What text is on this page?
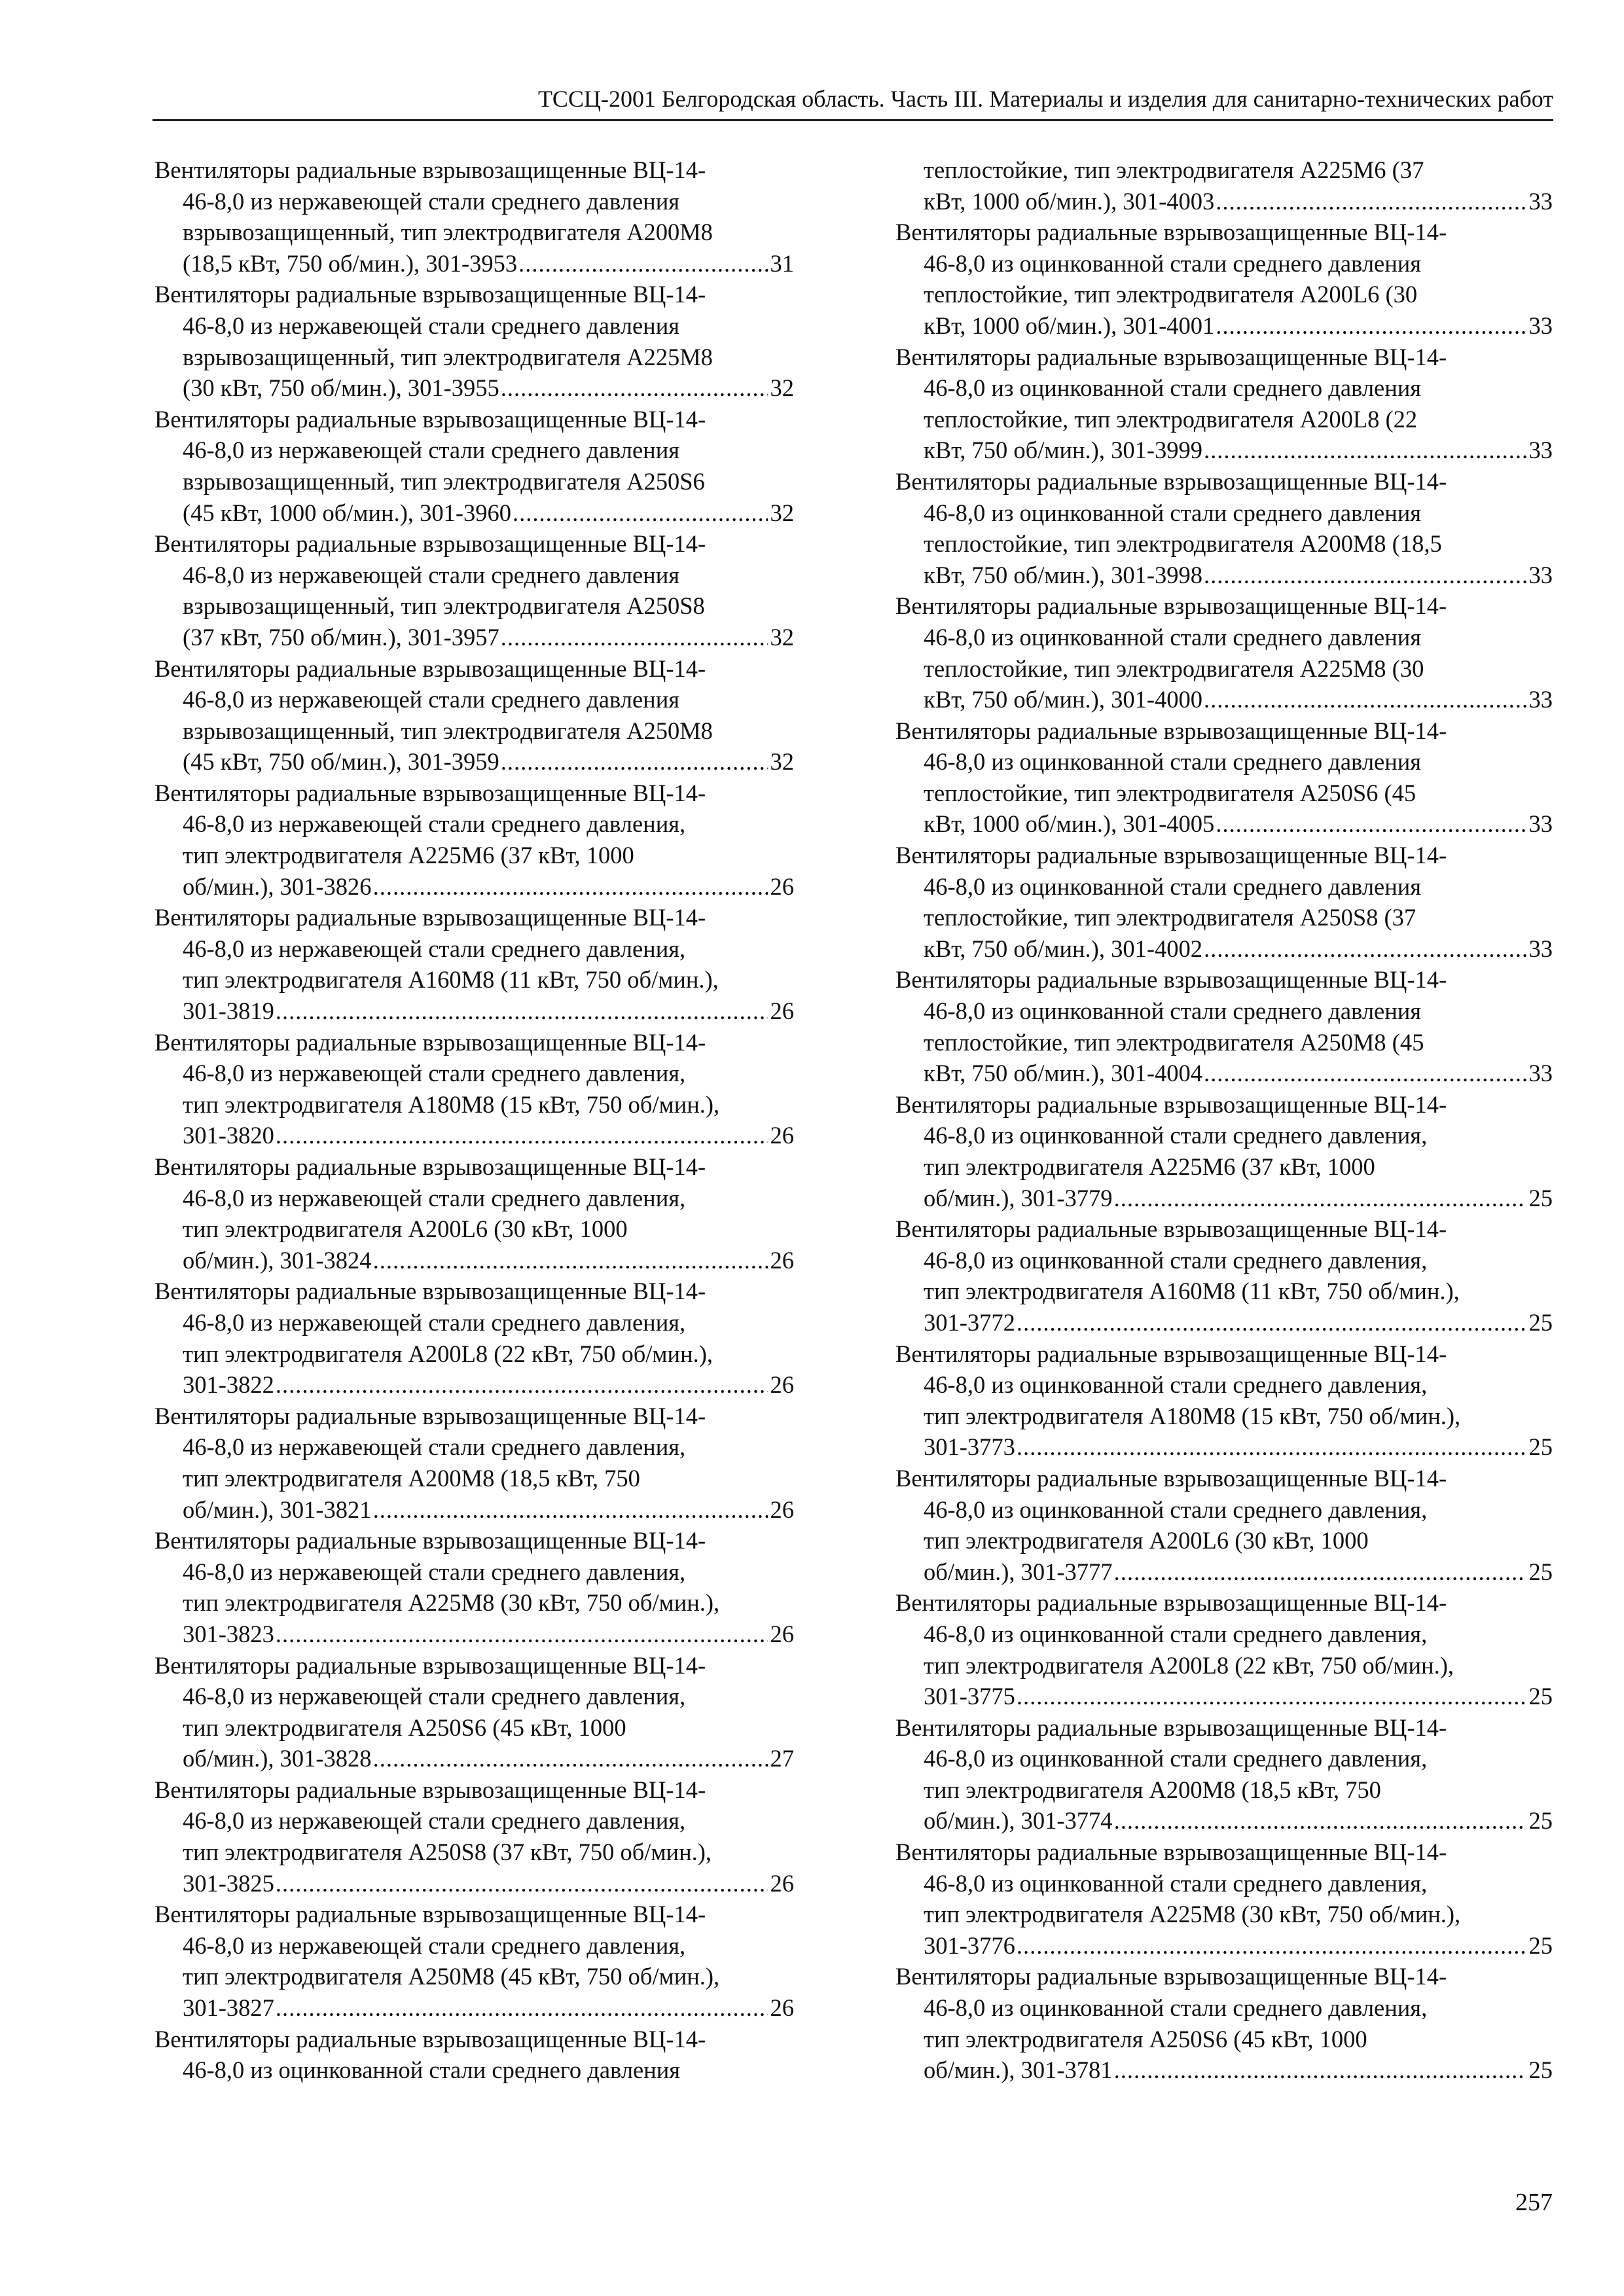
ТССЦ-2001 Белгородская область. Часть III. Материалы и изделия для санитарно-технических работ
Вентиляторы радиальные взрывозащищенные ВЦ-14-
46-8,0 из нержавеющей стали среднего давления
взрывозащищенный, тип электродвигателя А200М8
(18,5 кВт, 750 об/мин.), 301-3953 .....	31
Вентиляторы радиальные взрывозащищенные ВЦ-14-
46-8,0 из нержавеющей стали среднего давления
взрывозащищенный, тип электродвигателя А225М8
(30 кВт, 750 об/мин.), 301-3955 .....	32
Вентиляторы радиальные взрывозащищенные ВЦ-14-
46-8,0 из нержавеющей стали среднего давления
взрывозащищенный, тип электродвигателя А250S6
(45 кВт, 1000 об/мин.), 301-3960 .....	32
Вентиляторы радиальные взрывозащищенные ВЦ-14-
46-8,0 из нержавеющей стали среднего давления
взрывозащищенный, тип электродвигателя А250S8
(37 кВт, 750 об/мин.), 301-3957 .....	32
Вентиляторы радиальные взрывозащищенные ВЦ-14-
46-8,0 из нержавеющей стали среднего давления
взрывозащищенный, тип электродвигателя А250М8
(45 кВт, 750 об/мин.), 301-3959 .....	32
Вентиляторы радиальные взрывозащищенные ВЦ-14-
46-8,0 из нержавеющей стали среднего давления,
тип электродвигателя А225М6 (37 кВт, 1000
об/мин.), 301-3826 .....	26
Вентиляторы радиальные взрывозащищенные ВЦ-14-
46-8,0 из нержавеющей стали среднего давления,
тип электродвигателя А160М8 (11 кВт, 750 об/мин.),
301-3819 .....	26
Вентиляторы радиальные взрывозащищенные ВЦ-14-
46-8,0 из нержавеющей стали среднего давления,
тип электродвигателя А180М8 (15 кВт, 750 об/мин.),
301-3820 .....	26
Вентиляторы радиальные взрывозащищенные ВЦ-14-
46-8,0 из нержавеющей стали среднего давления,
тип электродвигателя А200L6 (30 кВт, 1000
об/мин.), 301-3824 .....	26
Вентиляторы радиальные взрывозащищенные ВЦ-14-
46-8,0 из нержавеющей стали среднего давления,
тип электродвигателя А200L8 (22 кВт, 750 об/мин.),
301-3822 .....	26
Вентиляторы радиальные взрывозащищенные ВЦ-14-
46-8,0 из нержавеющей стали среднего давления,
тип электродвигателя А200М8 (18,5 кВт, 750
об/мин.), 301-3821 .....	26
Вентиляторы радиальные взрывозащищенные ВЦ-14-
46-8,0 из нержавеющей стали среднего давления,
тип электродвигателя А225М8 (30 кВт, 750 об/мин.),
301-3823 .....	26
Вентиляторы радиальные взрывозащищенные ВЦ-14-
46-8,0 из нержавеющей стали среднего давления,
тип электродвигателя А250S6 (45 кВт, 1000
об/мин.), 301-3828 .....	27
Вентиляторы радиальные взрывозащищенные ВЦ-14-
46-8,0 из нержавеющей стали среднего давления,
тип электродвигателя А250S8 (37 кВт, 750 об/мин.),
301-3825 .....	26
Вентиляторы радиальные взрывозащищенные ВЦ-14-
46-8,0 из нержавеющей стали среднего давления,
тип электродвигателя А250М8 (45 кВт, 750 об/мин.),
301-3827 .....	26
Вентиляторы радиальные взрывозащищенные ВЦ-14-
46-8,0 из оцинкованной стали среднего давления
теплостойкие, тип электродвигателя А225М6 (37
кВт, 1000 об/мин.), 301-4003 .....	33
Вентиляторы радиальные взрывозащищенные ВЦ-14-
46-8,0 из оцинкованной стали среднего давления
теплостойкие, тип электродвигателя А200L6 (30
кВт, 1000 об/мин.), 301-4001 .....	33
Вентиляторы радиальные взрывозащищенные ВЦ-14-
46-8,0 из оцинкованной стали среднего давления
теплостойкие, тип электродвигателя А200L8 (22
кВт, 750 об/мин.), 301-3999 .....	33
Вентиляторы радиальные взрывозащищенные ВЦ-14-
46-8,0 из оцинкованной стали среднего давления
теплостойкие, тип электродвигателя А200М8 (18,5
кВт, 750 об/мин.), 301-3998 .....	33
Вентиляторы радиальные взрывозащищенные ВЦ-14-
46-8,0 из оцинкованной стали среднего давления
теплостойкие, тип электродвигателя А225М8 (30
кВт, 750 об/мин.), 301-4000 .....	33
Вентиляторы радиальные взрывозащищенные ВЦ-14-
46-8,0 из оцинкованной стали среднего давления
теплостойкие, тип электродвигателя А250S6 (45
кВт, 1000 об/мин.), 301-4005 .....	33
Вентиляторы радиальные взрывозащищенные ВЦ-14-
46-8,0 из оцинкованной стали среднего давления
теплостойкие, тип электродвигателя А250S8 (37
кВт, 750 об/мин.), 301-4002 .....	33
Вентиляторы радиальные взрывозащищенные ВЦ-14-
46-8,0 из оцинкованной стали среднего давления
теплостойкие, тип электродвигателя А250М8 (45
кВт, 750 об/мин.), 301-4004 .....	33
Вентиляторы радиальные взрывозащищенные ВЦ-14-
46-8,0 из оцинкованной стали среднего давления,
тип электродвигателя А225М6 (37 кВт, 1000
об/мин.), 301-3779 .....	25
Вентиляторы радиальные взрывозащищенные ВЦ-14-
46-8,0 из оцинкованной стали среднего давления,
тип электродвигателя А160М8 (11 кВт, 750 об/мин.),
301-3772 .....	25
Вентиляторы радиальные взрывозащищенные ВЦ-14-
46-8,0 из оцинкованной стали среднего давления,
тип электродвигателя А180М8 (15 кВт, 750 об/мин.),
301-3773 .....	25
Вентиляторы радиальные взрывозащищенные ВЦ-14-
46-8,0 из оцинкованной стали среднего давления,
тип электродвигателя А200L6 (30 кВт, 1000
об/мин.), 301-3777 .....	25
Вентиляторы радиальные взрывозащищенные ВЦ-14-
46-8,0 из оцинкованной стали среднего давления,
тип электродвигателя А200L8 (22 кВт, 750 об/мин.),
301-3775 .....	25
Вентиляторы радиальные взрывозащищенные ВЦ-14-
46-8,0 из оцинкованной стали среднего давления,
тип электродвигателя А200М8 (18,5 кВт, 750
об/мин.), 301-3774 .....	25
Вентиляторы радиальные взрывозащищенные ВЦ-14-
46-8,0 из оцинкованной стали среднего давления,
тип электродвигателя А225М8 (30 кВт, 750 об/мин.),
301-3776 .....	25
Вентиляторы радиальные взрывозащищенные ВЦ-14-
46-8,0 из оцинкованной стали среднего давления,
тип электродвигателя А250S6 (45 кВт, 1000
об/мин.), 301-3781 .....	25
257
